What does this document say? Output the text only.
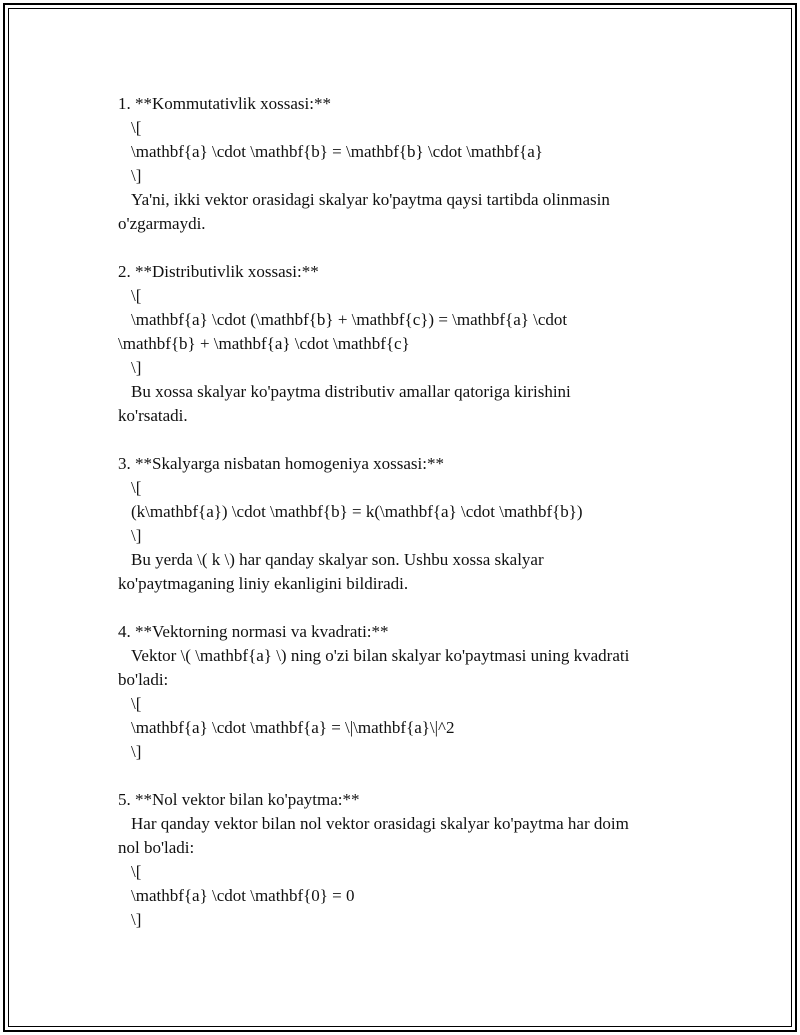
1. **Kommutativlik xossasi:**

\[

\mathbf{a} \cdot \mathbf{b} = \mathbf{b} \cdot \mathbf{a}

\]

Ya'ni, ikki vektor orasidagi skalyar ko'paytma qaysi tartibda olinmasin

o'zgarmaydi.

2. **Distributivlik xossasi:**

\[

\mathbf{a} \cdot (\mathbf{b} + \mathbf{c}) = \mathbf{a} \cdot

\mathbf{b} + \mathbf{a} \cdot \mathbf{c}

\]

Bu xossa skalyar ko'paytma distributiv amallar qatoriga kirishini

ko'rsatadi.

3. **Skalyarga nisbatan homogeniya xossasi:**

\[

(k\mathbf{a}) \cdot \mathbf{b} = k(\mathbf{a} \cdot \mathbf{b})

\]

Bu yerda \( k \) har qanday skalyar son. Ushbu xossa skalyar

ko'paytmaganing liniy ekanligini bildiradi.

4. **Vektorning normasi va kvadrati:**

Vektor \( \mathbf{a} \) ning o'zi bilan skalyar ko'paytmasi uning kvadrati

bo'ladi:

\[

\mathbf{a} \cdot \mathbf{a} = \|\mathbf{a}\|^2

\]

5. **Nol vektor bilan ko'paytma:**

Har qanday vektor bilan nol vektor orasidagi skalyar ko'paytma har doim

nol bo'ladi:

\[

\mathbf{a} \cdot \mathbf{0} = 0

\]
